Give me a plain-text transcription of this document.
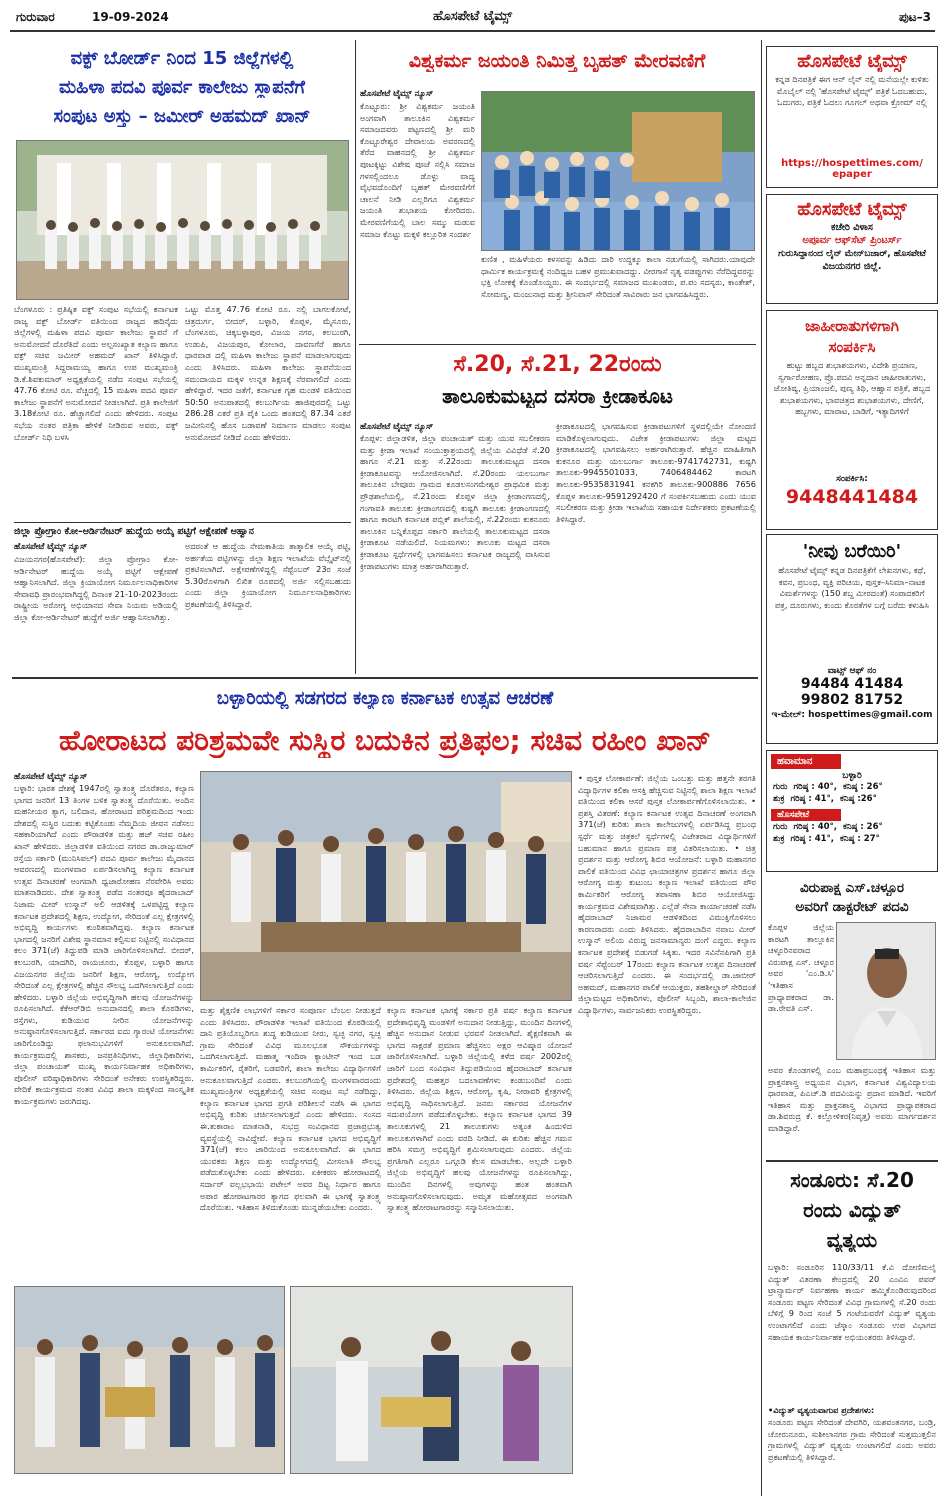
ಗುರುವಾರ	19-09-2024	ಹೊಸಪೇಟೆ ಟೈಮ್ಸ್	ಪುಟ–3
ವಕ್ಫ್ ಬೋರ್ಡ್ ನಿಂದ 15 ಜಿಲ್ಲೆಗಳಲ್ಲಿ
ಮಹಿಳಾ ಪದವಿ ಪೂರ್ವ ಕಾಲೇಜು ಸ್ಥಾಪನೆಗೆ
ಸಂಪುಟ ಅಸ್ತು – ಜಮೀರ್ ಅಹಮದ್ ಖಾನ್
ಬೆಂಗಳೂರು : ಪ್ರತಿಷ್ಠಿತ ವಕ್ಫ್ ಸಂಪುಟ ಸಭೆಯಲ್ಲಿ ಕರ್ನಾಟಕ ರಾಜ್ಯ ವಕ್ಫ್ ಬೋರ್ಡ್ ವತಿಯಿಂದ ರಾಜ್ಯದ ಹದಿನೈದು ಜಿಲ್ಲೆಗಳಲ್ಲಿ ಮಹಿಳಾ ಪದವಿ ಪೂರ್ವ ಕಾಲೇಜು ಸ್ಥಾಪನೆ ಗೆ ಅನುಮೋದನೆ ದೊರೆತಿದೆ ಎಂದು ಅಲ್ಪಸಂಖ್ಯಾತ ಕಲ್ಯಾಣ ಹಾಗೂ ವಕ್ಫ್ ಸಚಿವ ಜಮೀರ್ ಅಹಮದ್ ಖಾನ್ ತಿಳಿಸಿದ್ದಾರೆ. ಮುಖ್ಯಮಂತ್ರಿ ಸಿದ್ದರಾಮಯ್ಯ ಹಾಗೂ ಉಪ ಮುಖ್ಯಮಂತ್ರಿ ಡಿ.ಕೆ.ಶಿವಕುಮಾರ್ ಅಧ್ಯಕ್ಷತೆಯಲ್ಲಿ ನಡೆದ ಸಂಪುಟ ಸಭೆಯಲ್ಲಿ 47.76 ಕೋಟಿ ರೂ. ವೆಚ್ಚದಲ್ಲಿ 15 ಮಹಿಳಾ ಪದವಿ ಪೂರ್ವ ಕಾಲೇಜು ಸ್ಥಾಪನೆಗೆ ಅನುಮೋದನೆ ನೀಡಲಾಗಿದೆ. ಪ್ರತಿ ಕಾಲೇಜಿಗೆ 3.18ಕೋಟಿ ರೂ. ಹೆಚ್ಚಾಗಲಿದೆ ಎಂದು ಹೇಳಿದರು. ಸಂಪುಟ ಸಭೆಯ ನಂತರ ಪತ್ರಿಕಾ ಹೇಳಿಕೆ ನೀಡಿರುವ ಅವರು, ವಕ್ಫ್ ಬೋರ್ಡ್ ನಿಧಿ ಬಳಸಿ
ಒಟ್ಟು ಮೊತ್ತ 47.76 ಕೋಟಿ ರೂ. ನಲ್ಲಿ ಬಾಗಲಕೋಟೆ, ಚಿತ್ರದುರ್ಗ, ಬೀದರ್, ಬಳ್ಳಾರಿ, ಕೊಪ್ಪಳ, ಮೈಸೂರು, ಬೆಂಗಳೂರು, ಚಿಕ್ಕಬಳ್ಳಾಪುರ, ವಿಜಯ ನಗರ, ಕಲಬುರಗಿ, ಉಡುಪಿ, ವಿಜಯಪುರ, ಕೋಲಾರ, ದಾವಣಗೆರೆ ಹಾಗೂ ಧಾರವಾಡ ದಲ್ಲಿ ಮಹಿಳಾ ಕಾಲೇಜು ಸ್ಥಾಪನೆ ಮಾಡಲಾಗುವುದು ಎಂದು ತಿಳಿಸಿದರು. ಮಹಿಳಾ ಕಾಲೇಜು ಸ್ಥಾಪನೆಯಿಂದ ಸಮುದಾಯದ ಮಕ್ಕಳ ಉನ್ನತ ಶಿಕ್ಷಣಕ್ಕೆ ನೆರವಾಗಲಿದೆ ಎಂದು ಹೇಳಿದ್ದಾರೆ. ಇದರ ಜತೆಗೆ, ಕರ್ನಾಟಕ ಗೃಹ ಮಂಡಳಿ ವತಿಯಿಂದ 50:50 ಅನುಪಾತದಲ್ಲಿ ಕಲಬುರ್ಗಿಯ ಹಾಜಿಪುರದಲ್ಲಿ ಒಟ್ಟು 286.28 ಎಕರೆ ಪ್ರತಿ ಪೈಕಿ ಒಂದು ಹಂತದಲ್ಲಿ 87.34 ಎಕರೆ ಜಮೀನಿನಲ್ಲಿ ಹೊಸ ಬಡಾವಣೆ ನಿರ್ಮಾಣ ಮಾಡಲು ಸಂಪುಟ ಅನುಮೋದನೆ ನೀಡಿದೆ ಎಂದು ಹೇಳಿದರು.
ಜಿಲ್ಲಾ ಪ್ರೋಗ್ರಾಂ ಕೋ–ಆರ್ಡಿನೇಟರ್ ಹುದ್ದೆಯ ಅಯ್ಕೆ ಪಟ್ಟಿಗೆ ಆಕ್ಷೇಪಣೆ ಆಹ್ವಾನ
ಹೊಸಪೇಟೆ ಟೈಮ್ಸ್ ನ್ಯೂಸ್
ವಿಜಯನಗರ(ಹೊಸಪೇಟೆ): ಜಿಲ್ಲಾ ಪ್ರೋಗ್ರಾಂ ಕೋ-ಆರ್ಡಿನೇಟರ್ ಹುದ್ದೆಯ ಅಯ್ಕೆ ಪಟ್ಟಿಗೆ ಆಕ್ಷೇಪಣೆ ಆಹ್ವಾನಿಸಲಾಗಿದೆ. ಜಿಲ್ಲಾ ಕ್ರಿಯಾಯೋಗ ನಿರ್ಮೂಲನಾಧಿಕಾರಿಗಳ ಸೇವಾವಧಿ ಪ್ರಾರಂಭವಾಗಿದ್ದಲ್ಲಿ ದಿನಾಂಕ 21-10-2023ರಂದು ರಾಷ್ಟ್ರೀಯ ಅರೋಗ್ಯ ಅಭಿಯಾನದ ಸೇವಾ ನಿಯಮ ಅಡಿಯಲ್ಲಿ ಜಿಲ್ಲಾ ಕೋ-ಆರ್ಡಿನೇಟರ್ ಹುದ್ದೆಗೆ ಅರ್ಜಿ ಆಹ್ವಾನಿಸಲಾಗಿತ್ತು.
ಅದರಂತೆ ಆ ಹುದ್ದೆಯ ನೇಮಕಾತಿಯ ತಾತ್ಕಾಲಿಕ ಆಯ್ಕೆ ಪಟ್ಟಿ, ಅರ್ಹತೆಯ ಪಟ್ಟಿಗಳನ್ನು ಜಿಲ್ಲಾ ಶಿಕ್ಷಣ ಇಲಾಖೆಯ ವೆಬ್ಸೈಟ್‌ನಲ್ಲಿ ಪ್ರಕಟಿಸಲಾಗಿದೆ. ಅಕ್ಷೇಪಣೆಗಳಿದ್ದಲ್ಲಿ ಸೆಪ್ಟೆಂಬರ್ 23ರ ಸಂಜೆ 5.30ರೊಳಗಾಗಿ ಲಿಖಿತ ರೂಪದಲ್ಲಿ ಅರ್ಜಿ ಸಲ್ಲಿಸಬಹುದು ಎಂದು ಜಿಲ್ಲಾ ಕ್ರಿಯಾಯೋಗ ನಿರ್ಮೂಲನಾಧಿಕಾರಿಗಳು ಪ್ರಕಟಣೆಯಲ್ಲಿ ತಿಳಿಸಿದ್ದಾರೆ.
ವಿಶ್ವಕರ್ಮ ಜಯಂತಿ ನಿಮಿತ್ತ ಬೃಹತ್ ಮೇರವಣಿಗೆ
ಹೊಸಪೇಟೆ ಟೈಮ್ಸ್ ನ್ಯೂಸ್
ಕೊಟ್ಟೂರು: ಶ್ರೀ ವಿಶ್ವಕರ್ಮ ಜಯಂತಿ ಅಂಗವಾಗಿ ತಾಲೂಕಿನ ವಿಶ್ವಕರ್ಮ ಸಮಾಜದವರು ಪಟ್ಟಣದಲ್ಲಿ ಶ್ರೀ ಮರಿ ಕೊಟ್ಟೂರೇಶ್ವರ ದೇವಾಲಯ ಅವರಣದಲ್ಲಿ ತೆರೆದ ವಾಹನದಲ್ಲಿ ಶ್ರೀ ವಿಶ್ವಕರ್ಮ ಪೂಟಕ್ಕಿಟ್ಟು ವಿಶೇಷ ಪೂಜೆ ಸಲ್ಲಿಸಿ ಸಮಾಜ ಗಳಸಲ್ಲಿಂದಲೂ ಡೊಳ್ಳು ವಾದ್ಯ ವೈಭವದೊಂದಿಗೆ ಬೃಹತ್ ಮೇರವಣಿಗೆಗೆ ಚಾಲನೆ ನೀಡಿ ಎಲ್ಲರಿಗೂ ವಿಶ್ವಕರ್ಮ ಜಯಂತಿ ಶುಭಾಶಯ ಕೋರಿದರು. ಮೇರವಣಿಗೆಯಲ್ಲಿ ಬಾಲ ಸಮ್ಮು ಮಡುವ ಸಮಾಜ ಕೊಟ್ಟು ಮಕ್ಕಳಿ ಕಲ್ಲೂರಿತ ಸಂದರ್ಶ
ಕುಣಿತ , ಮಹಿಳೆಯರು ಕಳಸವನ್ನು ಹಿಡಿದು ದಾರಿ ಉದ್ದಕ್ಕೂ ಕಾಲಾ ನಡುಗೆಯಲ್ಲಿ ಸಾಗಿದರು.ಯಾವುದೇ ಧಾರ್ಮಿಕ ಕಾರ್ಯಕ್ರಮಕ್ಕೆ ನಂದಿಧ್ವಜ ಬಹಳ ಪ್ರಮುಖವಾದದ್ದು. ವೀರಗಾಸೆ ನೃತ್ಯ ವಡಪ್ಪುಗಳು ನೆರೆದಿದ್ದವರನ್ನು ಭಕ್ತಿ ಲೋಕಕ್ಕೆ ಕೊಂಡೊಯ್ದರು. ಈ ಸಂದರ್ಭದಲ್ಲಿ ಸಮಾಜದ ಮುಖಂಡರು, ಪ.ಪಂ ಸದಸ್ಯರು, ಕಾಂತೇಶ್, ಸೋಮಣ್ಣ, ಮಂಜುನಾಥ ಮತ್ತು ಶ್ರೀನಿವಾಸ್ ಸೇರಿದಂತೆ ಸಾವಿರಾರು ಜನ ಭಾಗವಹಿಸಿದ್ದರು.
ಸೆ.20, ಸೆ.21, 22ರಂದು
ತಾಲೂಕುಮಟ್ಟದ ದಸರಾ ಕ್ರೀಡಾಕೂಟ
ಹೊಸಪೇಟೆ ಟೈಮ್ಸ್ ನ್ಯೂಸ್
ಕೊಪ್ಪಳ: ಜಿಲ್ಲಾಡಳಿತ, ಜಿಲ್ಲಾ ಪಂಚಾಯತ್ ಮತ್ತು ಯುವ ಸಬಲೀಕರಣ ಮತ್ತು ಕ್ರೀಡಾ ಇಲಾಖೆ ಸಂಯುಕ್ತಾಶ್ರಯದಲ್ಲಿ ಜಿಲ್ಲೆಯ ವಿವಿಧೆಡೆ ಸೆ.20 ಹಾಗೂ ಸೆ.21 ಮತ್ತು ಸೆ.22ರಂದು ತಾಲೂಕುಮಟ್ಟದ ದಸರಾ ಕ್ರೀಡಾಕೂಟವನ್ನು ಆಯೋಜಿಸಲಾಗಿದೆ. ಸೆ.20ರಂದು ಯಲಬುರ್ಗಾ ತಾಲೂಕಿನ ಬೇವೂರು ಗ್ರಾಮದ ಕೂಡಲಸಂಗಮೇಶ್ವರ ಪ್ರಾಥಮಿಕ ಮತ್ತು ಪ್ರೌಢಶಾಲೆಯಲ್ಲಿ, ಸೆ.21ರಂದು ಕೊಪ್ಪಳ ಜಿಲ್ಲಾ ಕ್ರೀಡಾಂಗಣದಲ್ಲಿ, ಗಂಗಾವತಿ ತಾಲೂಕು ಕ್ರೀಡಾಂಗಣದಲ್ಲಿ ಕುಷ್ಟಗಿ ತಾಲೂಕು ಕ್ರೀಡಾಂಗಣದಲ್ಲಿ ಹಾಗೂ ಕಾರಟಗಿ ಕರ್ನಾಟಕ ಪಬ್ಲಿಕ್ ಶಾಲೆಯಲ್ಲಿ, ಸೆ.22ರಂದು ಕುಕನೂರು ತಾಲೂಕಿನ ಬನ್ನಿಕೊಪ್ಪದ ಸರ್ಕಾರಿ ಶಾಲೆಯಲ್ಲಿ ತಾಲೂಕುಮಟ್ಟದ ದಸರಾ ಕ್ರೀಡಾಕೂಟ ನಡೆಯಲಿದೆ. ನಿಯಮಗಳು: ತಾಲೂಕು ಮಟ್ಟದ ದಸರಾ ಕ್ರೀಡಾಕೂಟ ಸ್ಪರ್ಧೆಗಳಲ್ಲಿ ಭಾಗವಹಿಸಲು ಕರ್ನಾಟಕ ರಾಜ್ಯದಲ್ಲಿ ವಾಸಿಸುವ ಕ್ರೀಡಾಪಟುಗಳು ಮಾತ್ರ ಅರ್ಹರಾಗಿರುತ್ತಾರೆ.
ಕ್ರೀಡಾಕೂಟದಲ್ಲಿ ಭಾಗವಹಿಸುವ ಕ್ರೀಡಾಪಟುಗಳಿಗೆ ಸ್ಥಳದಲ್ಲಿಯೇ ನೋಂದಣಿ ಮಾಡಿಕೊಳ್ಳಲಾಗುವುದು. ವಿಜೇತ ಕ್ರೀಡಾಪಟುಗಳು ಜಿಲ್ಲಾ ಮಟ್ಟದ ಕ್ರೀಡಾಕೂಟದಲ್ಲಿ ಭಾಗವಹಿಸಲು ಅರ್ಹರಾಗಿರುತ್ತಾರೆ. ಹೆಚ್ಚಿನ ಮಾಹಿತಿಗಾಗಿ ಕುಕನೂರ ಮತ್ತು ಯಲಬುರ್ಗಾ ತಾಲೂಕು-9741742731, ಕುಷ್ಟಗಿ ತಾಲೂಕು-9945501033, 7406484462 ಕಾರಟಗಿ ತಾಲೂಕು-9535831941 ಕನಕಗಿರಿ ತಾಲೂಕು-900886 7656 ಕೊಪ್ಪಳ ತಾಲೂಕು-9591292420 ಗೆ ಸಂಪರ್ಕಿಸಬಹುದು ಎಂದು ಯುವ ಸಬಲೀಕರಣ ಮತ್ತು ಕ್ರೀಡಾ ಇಲಾಖೆಯ ಸಹಾಯಕ ನಿರ್ದೇಶಕರು ಪ್ರಕಟಣೆಯಲ್ಲಿ ತಿಳಿಸಿದ್ದಾರೆ.
ಬಳ್ಳಾರಿಯಲ್ಲಿ ಸಡಗರದ ಕಲ್ಯಾಣ ಕರ್ನಾಟಕ ಉತ್ಸವ ಆಚರಣೆ
ಹೋರಾಟದ ಪರಿಶ್ರಮವೇ ಸುಸ್ಥಿರ ಬದುಕಿನ ಪ್ರತಿಫಲ; ಸಚಿವ ರಹೀಂ ಖಾನ್
ಹೊಸಪೇಟೆ ಟೈಮ್ಸ್ ನ್ಯೂಸ್
ಬಳ್ಳಾರಿ: ಭಾರತ ದೇಶಕ್ಕೆ 1947ರಲ್ಲಿ ಸ್ವಾತಂತ್ರ್ಯ ದೊರೆತರೂ, ಕಲ್ಯಾಣ ಭಾಗದ ಜನರಿಗೆ 13 ತಿಂಗಳ ಬಳಿಕ ಸ್ವಾತಂತ್ರ್ಯ ದೊರೆಯಿತು. ಅಂದಿನ ಮಹನೀಯರ ತ್ಯಾಗ, ಬಲಿದಾನ, ಹೋರಾಟದ ಪರಿಶ್ರಮದಿಂದ ಇಂದು ದೇಶದಲ್ಲಿ ಸುಸ್ಥಿರ ಬದುಕು ಕಟ್ಟಿಕೊಂಡು ನೆಮ್ಮದಿಯ ಜೀವನ ನಡೆಸಲು ಸಹಕಾರಿಯಾಗಿದೆ ಎಂದು ಪೌರಾಡಳಿತ ಮತ್ತು ಹಜ್ ಸಚಿವ ರಹೀಂ ಖಾನ್ ಹೇಳಿದರು. ಜಿಲ್ಲಾಡಳಿತ ವತಿಯಿಂದ ನಗರದ ಡಾ.ರಾಜ್ಕುಮಾರ್ ರಸ್ತೆಯ ಸರ್ಕಾರಿ (ಮುನಿಸಿಪಲ್) ಪದವಿ ಪೂರ್ವ ಕಾಲೇಜು ಮೈದಾನದ ಆವರಣದಲ್ಲಿ ಮಂಗಳವಾರ ಏರ್ಪಡಿಸಲಾಗಿದ್ದ ಕಲ್ಯಾಣ ಕರ್ನಾಟಕ ಉತ್ಸವ ದಿನಾಚರಣೆ ಅಂಗವಾಗಿ ಧ್ವಜಾರೋಹಣ ನೆರವೇರಿಸಿ ಅವರು ಮಾತನಾಡಿದರು. ದೇಶ ಸ್ವಾತಂತ್ರ್ಯ ಪಡೆದ ನಂತರವೂ ಹೈದರಾಬಾದ್ ನಿಜಾಮ ಮೀರ್ ಉಸ್ಮಾನ್ ಅಲಿ ಆಡಳಿತಕ್ಕೆ ಒಳಪಟ್ಟಿದ್ದ ಕಲ್ಯಾಣ ಕರ್ನಾಟಕ ಪ್ರದೇಶದಲ್ಲಿ ಶಿಕ್ಷಣ, ಉದ್ಯೋಗ, ಸೇರಿದಂತೆ ಎಲ್ಲ ಕ್ಷೇತ್ರಗಳಲ್ಲಿ ಅಭಿವೃದ್ಧಿ ಕಾರ್ಯಗಳು ಕುಂಠಿತವಾಗಿದ್ದವು. ಕಲ್ಯಾಣ ಕರ್ನಾಟಕ ಭಾಗದಲ್ಲಿ ಜನರಿಗೆ ವಿಶೇಷ ಸ್ಥಾನಮಾನ ಕಲ್ಪಿಸುವ ನಿಟ್ಟಿನಲ್ಲಿ ಸಂವಿಧಾನದ ಕಲಂ 371(ಜೆ) ತಿದ್ದುಪಡಿ ಮಾಡಿ ಜಾರಿಗೊಳಿಸಲಾಗಿದೆ. ಬೀದರ್, ಕಲಬುರಗಿ, ಯಾದಗಿರಿ, ರಾಯಚೂರು, ಕೊಪ್ಪಳ, ಬಳ್ಳಾರಿ ಹಾಗೂ ವಿಜಯನಗರ ಜಿಲ್ಲೆಯ ಜನರಿಗೆ ಶಿಕ್ಷಣ, ಆರೋಗ್ಯ, ಉದ್ಯೋಗ ಸೇರಿದಂತೆ ಎಲ್ಲ ಕ್ಷೇತ್ರಗಳಲ್ಲಿ ಹೆಚ್ಚಿನ ಸೌಲಭ್ಯ ಒದಗಿಸಲಾಗುತ್ತಿದೆ ಎಂದು ಹೇಳಿದರು. ಬಳ್ಳಾರಿ ಜಿಲ್ಲೆಯ ಅಭಿವೃದ್ಧಿಗಾಗಿ ಹಲವು ಯೋಜನೆಗಳನ್ನು ರೂಪಿಸಲಾಗಿದೆ. ಕೆಕೆಆರ್‌ಡಿಬಿ ಅನುದಾನದಲ್ಲಿ ಶಾಲಾ ಕೊಠಡಿಗಳು, ರಸ್ತೆಗಳು, ಕುಡಿಯುವ ನೀರಿನ ಯೋಜನೆಗಳನ್ನು ಅನುಷ್ಠಾನಗೊಳಿಸಲಾಗುತ್ತಿದೆ. ಸರ್ಕಾರದ ಐದು ಗ್ಯಾರಂಟಿ ಯೋಜನೆಗಳು ಜಾರಿಗೊಂಡಿದ್ದು ಫಲಾನುಭವಿಗಳಿಗೆ ಅನುಕೂಲವಾಗಿದೆ. ಕಾರ್ಯಕ್ರಮದಲ್ಲಿ ಶಾಸಕರು, ಜನಪ್ರತಿನಿಧಿಗಳು, ಜಿಲ್ಲಾಧಿಕಾರಿಗಳು, ಜಿಲ್ಲಾ ಪಂಚಾಯತ್ ಮುಖ್ಯ ಕಾರ್ಯನಿರ್ವಾಹಕ ಅಧಿಕಾರಿಗಳು, ಪೊಲೀಸ್ ವರಿಷ್ಠಾಧಿಕಾರಿಗಳು ಸೇರಿದಂತೆ ಅನೇಕರು ಉಪಸ್ಥಿತರಿದ್ದರು. ವೇದಿಕೆ ಕಾರ್ಯಕ್ರಮದ ನಂತರ ವಿವಿಧ ಶಾಲಾ ಮಕ್ಕಳಿಂದ ಸಾಂಸ್ಕೃತಿಕ ಕಾರ್ಯಕ್ರಮಗಳು ಜರುಗಿದವು.
ಮತ್ತು ಶೈಕ್ಷಣಿಕ ಲಾಭಗಳಿಗೆ ಸರ್ಕಾರ ಸಂಪೂರ್ಣ ಬೆಂಬಲ ನೀಡುತ್ತದೆ ಎಂದು ತಿಳಿಸಿದರು. ಪೌರಾಡಳಿತ ಇಲಾಖೆ ವತಿಯಿಂದ ಕೊಠಡಿಯಲ್ಲಿ ದಾನಿ ಪ್ರತಿಯೊಬ್ಬರಿಗೂ ಶುದ್ಧ ಕುಡಿಯುವ ನೀರು, ಸ್ವಚ್ಛ ನಗರ, ಸ್ವಚ್ಛ ಗ್ರಾಮ ಸೇರಿದಂತೆ ವಿವಿಧ ಮೂಲಭೂತ ಸೌಕರ್ಯಗಳನ್ನು ಒದಗಿಸಲಾಗುತ್ತಿದೆ. ಮಹಾತ್ಮ ಇಂದಿರಾ ಕ್ಯಾಂಟೀನ್ ಇಂದ ಬಡ ಕಾರ್ಮಿಕರಿಗೆ, ರೈತರಿಗೆ, ಬಡವರಿಗೆ, ಶಾಲಾ ಕಾಲೇಜು ವಿದ್ಯಾರ್ಥಿಗಳಿಗೆ ಅನುಕೂಲವಾಗುತ್ತಿದೆ ಎಂದರು. ಕಲಬುರಗಿಯಲ್ಲಿ ಮಂಗಳವಾರದಂದು ಮುಖ್ಯಮಂತ್ರಿಗಳ ಅಧ್ಯಕ್ಷತೆಯಲ್ಲಿ ಸಚಿವ ಸಂಪುಟ ಸಭೆ ನಡೆದಿದ್ದು, ಕಲ್ಯಾಣ ಕರ್ನಾಟಕ ಭಾಗದ ಪ್ರಗತಿ ಪರಿಶೀಲನೆ ನಡೆಸಿ ಈ ಭಾಗದ ಅಭಿವೃದ್ಧಿ ಕುರಿತು ಚರ್ಚಿಸಲಾಗುತ್ತದೆ ಎಂದು ಹೇಳಿದರು. ಸಂಸದ ಈ.ತುಕಾರಾಂ ಮಾತನಾಡಿ, ಸುಭದ್ರ ಸಂವಿಧಾನದ ಪ್ರಜಾಪ್ರಭುತ್ವ ವ್ಯವಸ್ಥೆಯಲ್ಲಿ ನಾವಿದ್ದೇವೆ. ಕಲ್ಯಾಣ ಕರ್ನಾಟಕ ಭಾಗದ ಅಭಿವೃದ್ಧಿಗೆ 371(ಜೆ) ಕಲಂ ಜಾರಿಯಿಂದ ಅನುಕೂಲವಾಗಿದೆ. ಈ ಭಾಗದ ಯುವಕರು ಶಿಕ್ಷಣ ಮತ್ತು ಉದ್ಯೋಗದಲ್ಲಿ ಮೀಸಲಾತಿ ಸೌಲಭ್ಯ ಪಡೆದುಕೊಳ್ಳಬೇಕು ಎಂದು ಹೇಳಿದರು. ಏಕೀಕರಣ ಹೋರಾಟದಲ್ಲಿ ಸರ್ದಾರ್ ವಲ್ಲಭಭಾಯಿ ಪಟೇಲ್ ಅವರ ದಿಟ್ಟ ನಿರ್ಧಾರ ಹಾಗೂ ಅಪಾರ ಹೋರಾಟಗಾರರ ತ್ಯಾಗದ ಫಲವಾಗಿ ಈ ಭಾಗಕ್ಕೆ ಸ್ವಾತಂತ್ರ್ಯ ದೊರೆಯಿತು. ಇತಿಹಾಸ ತಿಳಿದುಕೊಂಡು ಮುನ್ನಡೆಯಬೇಕು ಎಂದರು.
ಕಲ್ಯಾಣ ಕರ್ನಾಟಕ ಭಾಗಕ್ಕೆ ಸರ್ಕಾರ ಪ್ರತಿ ವರ್ಷ ಕಲ್ಯಾಣ ಕರ್ನಾಟಕ ಪ್ರದೇಶಾಭಿವೃದ್ಧಿ ಮಂಡಳಿಗೆ ಅನುದಾನ ನೀಡುತ್ತಿದ್ದು, ಮುಂದಿನ ದಿನಗಳಲ್ಲಿ ಹೆಚ್ಚಿನ ಅನುದಾನ ನೀಡುವ ಭರವಸೆ ನೀಡಲಾಗಿದೆ. ಶೈಕ್ಷಣಿಕವಾಗಿ ಈ ಭಾಗದ ಸಾಕ್ಷರತೆ ಪ್ರಮಾಣ ಹೆಚ್ಚಿಸಲು ಅಕ್ಷರ ಆವಿಷ್ಕಾರ ಯೋಜನೆ ಜಾರಿಗೊಳಿಸಲಾಗಿದೆ. ಬಳ್ಳಾರಿ ಜಿಲ್ಲೆಯಲ್ಲಿ ಕಳೆದ ವರ್ಷ 2002ರಲ್ಲಿ ಜಾರಿಗೆ ಬಂದ ಸಂವಿಧಾನ ತಿದ್ದುಪಡಿಯಿಂದ ಹೈದರಾಬಾದ್ ಕರ್ನಾಟಕ ಪ್ರದೇಶದಲ್ಲಿ ಮಹತ್ತರ ಬದಲಾವಣೆಗಳು ಕಂಡುಬಂದಿವೆ ಎಂದು ತಿಳಿಸಿದರು. ಜಿಲ್ಲೆಯ ಶಿಕ್ಷಣ, ಆರೋಗ್ಯ, ಕೃಷಿ, ನೀರಾವರಿ ಕ್ಷೇತ್ರಗಳಲ್ಲಿ ಅಭಿವೃದ್ಧಿ ಸಾಧಿಸಲಾಗುತ್ತಿದೆ. ಜನರು ಸರ್ಕಾರದ ಯೋಜನೆಗಳ ಸದುಪಯೋಗ ಪಡೆದುಕೊಳ್ಳಬೇಕು. ಕಲ್ಯಾಣ ಕರ್ನಾಟಕ ಭಾಗದ 39 ತಾಲೂಕುಗಳಲ್ಲಿ 21 ತಾಲೂಕುಗಳು ಅತ್ಯಂತ ಹಿಂದುಳಿದ ತಾಲೂಕುಗಳಾಗಿವೆ ಎಂದು ವರದಿ ನೀಡಿದೆ. ಈ ಕುರಿತು ಹೆಚ್ಚಿನ ಗಮನ ಹರಿಸಿ ಸಮಗ್ರ ಅಭಿವೃದ್ಧಿಗೆ ಶ್ರಮಿಸಲಾಗುವುದು ಎಂದರು. ಜಿಲ್ಲೆಯ ಪ್ರಗತಿಗಾಗಿ ಎಲ್ಲರೂ ಒಗ್ಗೂಡಿ ಕೆಲಸ ಮಾಡಬೇಕು. ಅಲ್ಲದೇ ಬಳ್ಳಾರಿ ಜಿಲ್ಲೆಯ ಅಭಿವೃದ್ಧಿಗೆ ಹಲವು ಯೋಜನೆಗಳನ್ನು ರೂಪಿಸಲಾಗಿದ್ದು, ಮುಂದಿನ ದಿನಗಳಲ್ಲಿ ಅವುಗಳನ್ನು ಹಂತ ಹಂತವಾಗಿ ಅನುಷ್ಠಾನಗೊಳಿಸಲಾಗುವುದು. ಅಮೃತ ಮಹೋತ್ಸವದ ಅಂಗವಾಗಿ ಸ್ವಾತಂತ್ರ್ಯ ಹೋರಾಟಗಾರರನ್ನು ಸನ್ಮಾನಿಸಲಾಯಿತು.
• ಪುಸ್ತಕ ಲೋಕಾರ್ಪಣೆ: ಜಿಲ್ಲೆಯ ಒಂಬತ್ತು ಮತ್ತು ಹತ್ತನೇ ತರಗತಿ ವಿದ್ಯಾರ್ಥಿಗಳ ಕಲಿಕಾ ಆಸಕ್ತಿ ಹೆಚ್ಚಿಸುವ ನಿಟ್ಟಿನಲ್ಲಿ ಶಾಲಾ ಶಿಕ್ಷಣ ಇಲಾಖೆ ವತಿಯಿಂದ ಕಲಿಕಾ ಆಸರೆ ಪುಸ್ತಕ ಲೋಕಾರ್ಪಣೆಗೊಳಿಸಲಾಯಿತು. • ಪ್ರಶಸ್ತಿ ವಿತರಣೆ: ಕಲ್ಯಾಣ ಕರ್ನಾಟಕ ಉತ್ಸವ ದಿನಾಚರಣೆ ಅಂಗವಾಗಿ 371(ಜೆ) ಕುರಿತು ಶಾಲಾ ಕಾಲೇಜುಗಳಲ್ಲಿ ಏರ್ಪಡಿಸಿದ್ದ ಪ್ರಬಂಧ ಸ್ಪರ್ಧೆ ಮತ್ತು ಚಿತ್ರಕಲೆ ಸ್ಪರ್ಧೆಗಳಲ್ಲಿ ವಿಜೇತರಾದ ವಿದ್ಯಾರ್ಥಿಗಳಿಗೆ ಬಹುಮಾನ ಹಾಗೂ ಪ್ರಮಾಣ ಪತ್ರ ವಿತರಿಸಲಾಯಿತು. • ಚಿತ್ರ ಪ್ರದರ್ಶನ ಮತ್ತು ಆರೋಗ್ಯ ಶಿಬಿರ ಆಯೋಜನೆ: ಬಳ್ಳಾರಿ ಮಹಾನಗರ ಪಾಲಿಕೆ ವತಿಯಿಂದ ವಿವಿಧ ಛಾಯಾಚಿತ್ರಗಳ ಪ್ರದರ್ಶನ ಹಾಗೂ ಜಿಲ್ಲಾ ಆರೋಗ್ಯ ಮತ್ತು ಕುಟುಂಬ ಕಲ್ಯಾಣ ಇಲಾಖೆ ವತಿಯಿಂದ ಪೌರ ಕಾರ್ಮಿಕರಿಗೆ ಆರೋಗ್ಯ ತಪಾಸಣಾ ಶಿಬಿರ ಆಯೋಜಿಸಿದ್ದು ಕಾರ್ಯಕ್ರಮದ ವಿಶೇಷವಾಗಿತ್ತು. ಎಲ್ಲೆಡೆ ಸೇನಾ ಕಾರ್ಯಾಚರಣೆ ನಡೆಸಿ ಹೈದರಾಬಾದ್ ನಿಜಾಮರ ಆಡಳಿತದಿಂದ ವಿಮುಕ್ತಿಗೊಳಿಸಲು ಕಾರಣರಾದರು ಎಂದು ತಿಳಿಸಿದರು. ಹೈದರಾಬಾದಿನ ನವಾಬ ಮೀರ್ ಉಸ್ಮಾನ್ ಅಲಿಯ ವಿರುದ್ಧ ಜನಸಾಮಾನ್ಯರು ದಂಗೆ ಎದ್ದರು. ಕಲ್ಯಾಣ ಕರ್ನಾಟಕ ಪ್ರದೇಶಕ್ಕೆ ಬಿಡುಗಡೆ ಸಿಕ್ಕಿತು. ಇದರ ಸವಿನೆನಪಿಗಾಗಿ ಪ್ರತಿ ವರ್ಷ ಸೆಪ್ಟೆಂಬರ್ 17ರಂದು ಕಲ್ಯಾಣ ಕರ್ನಾಟಕ ಉತ್ಸವ ದಿನಾಚರಣೆ ಆಚರಿಸಲಾಗುತ್ತಿದೆ ಎಂದರು. ಈ ಸಂದರ್ಭದಲ್ಲಿ ಡಾ.ಜಾಬೀರ್ ಅಹಮದ್, ಮಹಾನಗರ ಪಾಲಿಕೆ ಆಯುಕ್ತರು, ತಹಶೀಲ್ದಾರ್ ಸೇರಿದಂತೆ ಜಿಲ್ಲಾಮಟ್ಟದ ಅಧಿಕಾರಿಗಳು, ಪೊಲೀಸ್ ಸಿಬ್ಬಂದಿ, ಶಾಲಾ-ಕಾಲೇಜಿನ ವಿದ್ಯಾರ್ಥಿಗಳು, ಸಾರ್ವಜನಿಕರು ಉಪಸ್ಥಿತರಿದ್ದರು.
ಹೊಸಪೇಟೆ ಟೈಮ್ಸ್
ಕನ್ನಡ ದಿನಪತ್ರಿಕೆ ಈಗ ಆನ್ ಲೈನ್ ನಲ್ಲಿ ಮನೆಯಲ್ಲೇ ಕುಳಿತು ಮೊಬೈಲ್ ನಲ್ಲಿ 'ಹೊಸಪೇಟೆ ಟೈಮ್ಸ್' ಪತ್ರಿಕೆ ಓದಬಹುದು, ಓದುಗರು, ಪತ್ರಿಕೆ ಓದಲು ಗೂಗಲ್ ಅಥವಾ ಕ್ರೋಮ್ ನಲ್ಲಿ
https://hospettimes.com/
epaper
ಹೊಸಪೇಟೆ ಟೈಮ್ಸ್
ಕಚೇರಿ ವಿಳಾಸ
ಅಪೂರ್ವ ಆಫ್‌ಸೆಟ್ ಪ್ರಿಂಟರ್ಸ್
ಗುರುಸಿದ್ದಾನಂದ ಲೈನ್ ಮೇನ್‌ಬಜಾರ್, ಹೊಸಪೇಟೆ
ವಿಜಯನಗರ ಜಿಲ್ಲೆ.
ಜಾಹೀರಾತುಗಳಿಗಾಗಿ
ಸಂಪರ್ಕಿಸಿ
ಹುಟ್ಟು ಹಬ್ಬದ ಶುಭಾಶಯಗಳು, ವಿದೇಶಿ ಪ್ರಯಾಣ, ಸ್ವರ್ಗಾರೋಹಣ, ಪ್ರೊ.ಪದವಿ ಅನ್ನದಾನ ಜಾಹೀರಾತುಗಳು, ಜೋತಿಷ್ಯ, ಪ್ರಿಯಾಂಜಲಿ, ಪುಣ್ಯ ತಿಥಿ, ಆಹ್ವಾನ ಪತ್ರಿಕೆ, ಹಬ್ಬದ ಶುಭಾಶಯಗಳು, ಭಾವಚಿತ್ರದ ಶುಭಾಶಯಗಳು, ದೇಣಿಗೆ, ಹಬ್ಬಗಳು, ಮಾರಾಟ, ಬಾಡಿಗೆ, ಇತ್ಯಾದಿಗಳಿಗೆ
ಸಂಪರ್ಕಿಸಿ:
9448441484
'ನೀವು ಬರೆಯಿರಿ'
ಹೊಸಪೇಟೆ ಟೈಮ್ಸ್ ಕನ್ನಡ ದಿನಪತ್ರಿಕೆಗೆ ಲೇಖನಗಳು, ಕಥೆ, ಕವನ, ಪ್ರಬಂಧ, ವ್ಯಕ್ತಿ ಪರಿಚಯ, ಪುಸ್ತಕ–ಸಿನಿಮಾ–ನಾಟಕ ವಿಮರ್ಶೆಗಳನ್ನು (150 ಶಬ್ದ ಮೀರದಂತೆ) ಸಂಪಾದಕರಿಗೆ ಪತ್ರ, ದೂರುಗಳು, ಕುಂದು ಕೊರತೆಗಳ ಬಗ್ಗೆ ಬರೆದು ಕಳುಹಿಸಿ
ವಾಟ್ಸ್ ಆಫ್ ನಂ
94484 41484
99802 81752
ಇ-ಮೇಲ್: hospettimes@gmail.com
ಹವಾಮಾನ
ಬಳ್ಳಾರಿ
ಗುರು ಗರಿಷ್ಠ : 40°, ಕನಿಷ್ಠ : 26°
ಶುಕ್ರ ಗರಿಷ್ಠ : 41°, ಕನಿಷ್ಠ :26°
ಹೊಸಪೇಟೆ
ಗುರು ಗರಿಷ್ಠ : 40°, ಕನಿಷ್ಠ : 26°
ಶುಕ್ರ ಗರಿಷ್ಠ : 41°, ಕನಿಷ್ಠ : 27°
ವಿರುಪಾಕ್ಷ ಎಸ್.ಚಳ್ಳೂರ
ಅವರಿಗೆ ಡಾಕ್ಟರೇಟ್ ಪದವಿ
ಕೊಪ್ಪಳ ಜಿಲ್ಲೆಯ ಕಾರಟಗಿ ತಾಲ್ಲೂಕಿನ ಚಳ್ಳೂರಿನವರಾದ ವಿರುಪಾಕ್ಷ ಎಸ್. ಚಳ್ಳೂರ ಅವರ 'ಎಂ.ಡಿ.ಸಿ' 'ಇತಿಹಾಸ ಪ್ರಾಧ್ಯಾಪಕರಾದ ಡಾ. ಡಾ.ರೇವತಿ ಎಸ್.
ಅವರ ಕೊಂಡಗಳಲ್ಲಿ ಎಂಬ ಮಹಾಪ್ರಬಂಧಕ್ಕೆ ಇತಿಹಾಸ ಮತ್ತು ಪ್ರಾಕ್ತನಶಾಸ್ತ್ರ ಅಧ್ಯಯನ ವಿಭಾಗ, ಕರ್ನಾಟಕ ವಿಶ್ವವಿದ್ಯಾಲಯ ಧಾರವಾಡ, ಪಿಎಚ್.ಡಿ ಪದವಿಯನ್ನು ಪ್ರದಾನ ಮಾಡಿದೆ. ಇವರಿಗೆ ಇತಿಹಾಸ ಮತ್ತು ಪ್ರಾಕ್ತನಶಾಸ್ತ್ರ ವಿಭಾಗದ ಪ್ರಾಧ್ಯಾಪಕರಾದ ಡಾ.ಶಿವರುದ್ರ ಕೆ. ಕಲ್ಲೋಳಿಕರ(ನಿವೃತ್ತ) ಅವರು ಮಾರ್ಗದರ್ಶನ ಮಾಡಿದ್ದಾರೆ.
ಸಂಡೂರು: ಸೆ.20
ರಂದು ವಿದ್ಯುತ್
ವ್ಯತ್ಯಯ
ಬಳ್ಳಾರಿ: ಸಂಡೂರಿನ 110/33/11 ಕೆ.ವಿ ದೋಣಿಮಲೈ ವಿದ್ಯುತ್ ವಿತರಣಾ ಕೇಂದ್ರದಲ್ಲಿ 20 ಎಂವಿಎ ಪವರ್ ಟ್ರಾನ್ಸ್ಫಾರ್ಮರ್ ನಿರ್ವಹಣಾ ಕಾರ್ಯ ಹಮ್ಮಿಕೊಂಡಿರುವುದರಿಂದ ಸಂಡೂರು ಪಟ್ಟಣ ಸೇರಿದಂತೆ ವಿವಿಧ ಗ್ರಾಮಗಳಲ್ಲಿ ಸೆ.20 ರಂದು ಬೆಳಿಗ್ಗೆ 9 ರಿಂದ ಸಂಜೆ 5 ಗಂಟೆಯವರೆಗೆ ವಿದ್ಯುತ್ ವ್ಯತ್ಯಯ ಉಂಟಾಗಲಿದೆ ಎಂದು ಜೆಸ್ಕಾಂ ಸಂಡೂರು ಉಪ ವಿಭಾಗದ ಸಹಾಯಕ ಕಾರ್ಯನಿರ್ವಾಹಕ ಅಭಿಯಂತರರು ತಿಳಿಸಿದ್ದಾರೆ.
•ವಿದ್ಯುತ್ ವ್ಯತ್ಯಯವಾಗುವ ಪ್ರದೇಶಗಳು:
ಸಂಡೂರು ಪಟ್ಟಣ ಸೇರಿದಂತೆ ದೇವಗಿರಿ, ಯಶವಂತನಗರ, ಬಂಡ್ರಿ, ಚೋರುನೂರು, ಸುಶೀಲಾನಗರ ಗ್ರಾಮ ಸೇರಿದಂತೆ ಸುತ್ತಮುತ್ತಲಿನ ಗ್ರಾಮಗಳಲ್ಲಿ ವಿದ್ಯುತ್ ವ್ಯತ್ಯಯ ಉಂಟಾಗಲಿದೆ ಎಂದು ಅವರು ಪ್ರಕಟಣೆಯಲ್ಲಿ ತಿಳಿಸಿದ್ದಾರೆ.
